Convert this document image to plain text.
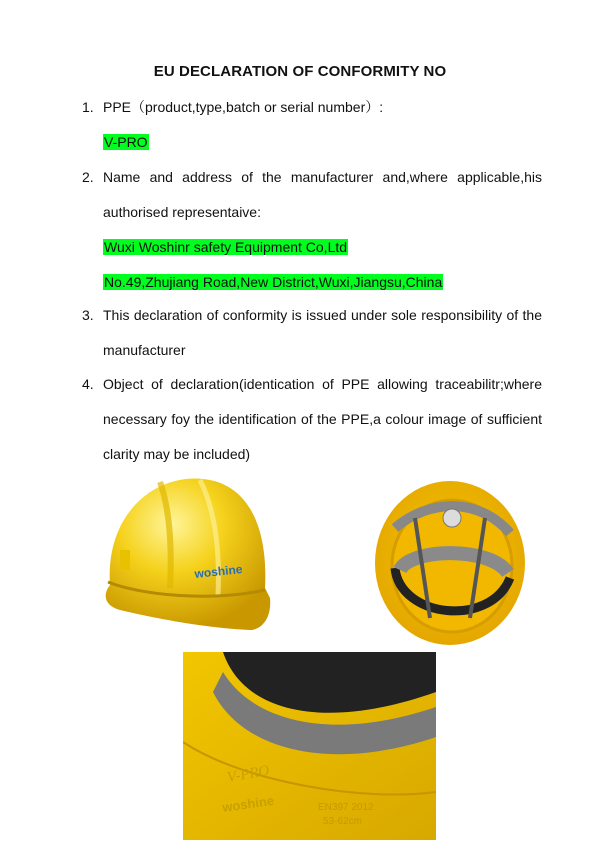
EU DECLARATION OF CONFORMITY NO
1. PPE（product,type,batch or serial number）:
V-PRO
2. Name and address of the manufacturer and,where applicable,his authorised representaive:
Wuxi Woshinr safety Equipment Co,Ltd
No.49,Zhujiang Road,New District,Wuxi,Jiangsu,China
3. This declaration of conformity is issued under sole responsibility of the manufacturer
4. Object of declaration(identication of PPE allowing traceabilitr;where necessary foy the identification of the PPE,a colour image of sufficient clarity may be included)
woshine
V-PRO
woshine	EN397 2012
53-62cm
